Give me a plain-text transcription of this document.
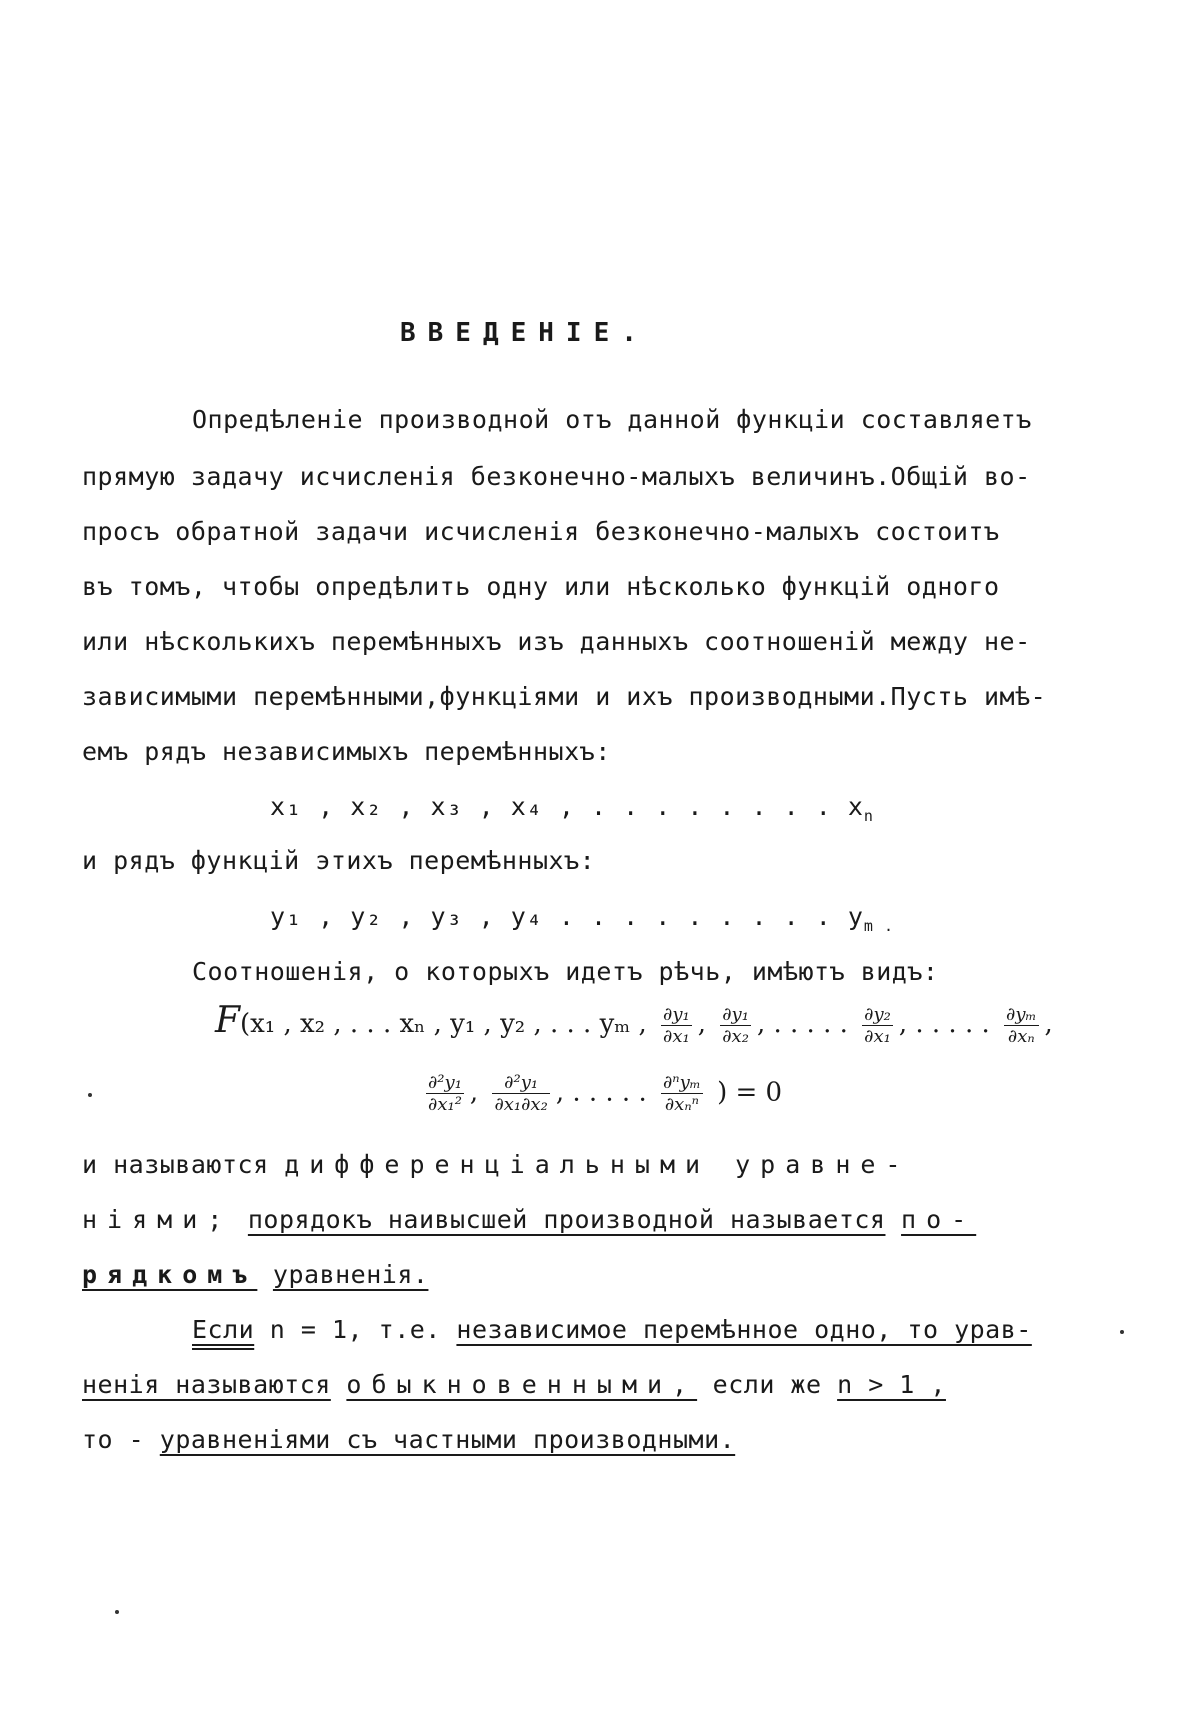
ВВЕДЕНІЕ.
Опредѣленіе производной отъ данной функціи составляетъ
прямую задачу исчисленія безконечно-малыхъ величинъ.Общій во-
просъ обратной задачи исчисленія безконечно-малыхъ состоитъ
въ томъ, чтобы опредѣлить одну или нѣсколько функцій одного
или нѣсколькихъ перемѣнныхъ изъ данныхъ соотношеній между не-
зависимыми перемѣнными,функціями и ихъ производными.Пусть имѣ-
емъ рядъ независимыхъ перемѣнныхъ:
x₁ , x₂ , x₃ , x₄ , . . . . . . . . $x_n$
и рядъ функцій этихъ перемѣнныхъ:
y₁ , y₂ , y₃ , y₄ . . . . . . . . . $y_{m .}$
Соотношенія, о которыхъ идетъ рѣчь, имѣютъ видъ:
F(x₁ , x₂ , . . . xₙ , y₁ , y₂ , . . . yₘ , $\frac{\text{∂y₁}}{\text{∂x₁}}$ , $\frac{\text{∂y₁}}{\text{∂x₂}}$ , . . . . . $\frac{\text{∂y₂}}{\text{∂x₁}}$ , . . . . . $\frac{\text{∂yₘ}}{\text{∂xₙ}}$ ,
$\frac{\text{∂²y₁}}{\text{∂x₁²}}$ , $\frac{\text{∂²y₁}}{\text{∂x₁∂x₂}}$ , . . . . . $\frac{\text{∂ⁿyₘ}}{\text{∂xₙⁿ}}$ ) = 0
и называются дифференціальными уравне-
ніями; порядокъ наивысшей производной называется по-
рядкомъ уравненія.
Если n = 1, т.е. независимое перемѣнное одно, то урав-
ненія называются обыкновенными, если же n > 1 ,
то - уравненіями съ частными производными.
